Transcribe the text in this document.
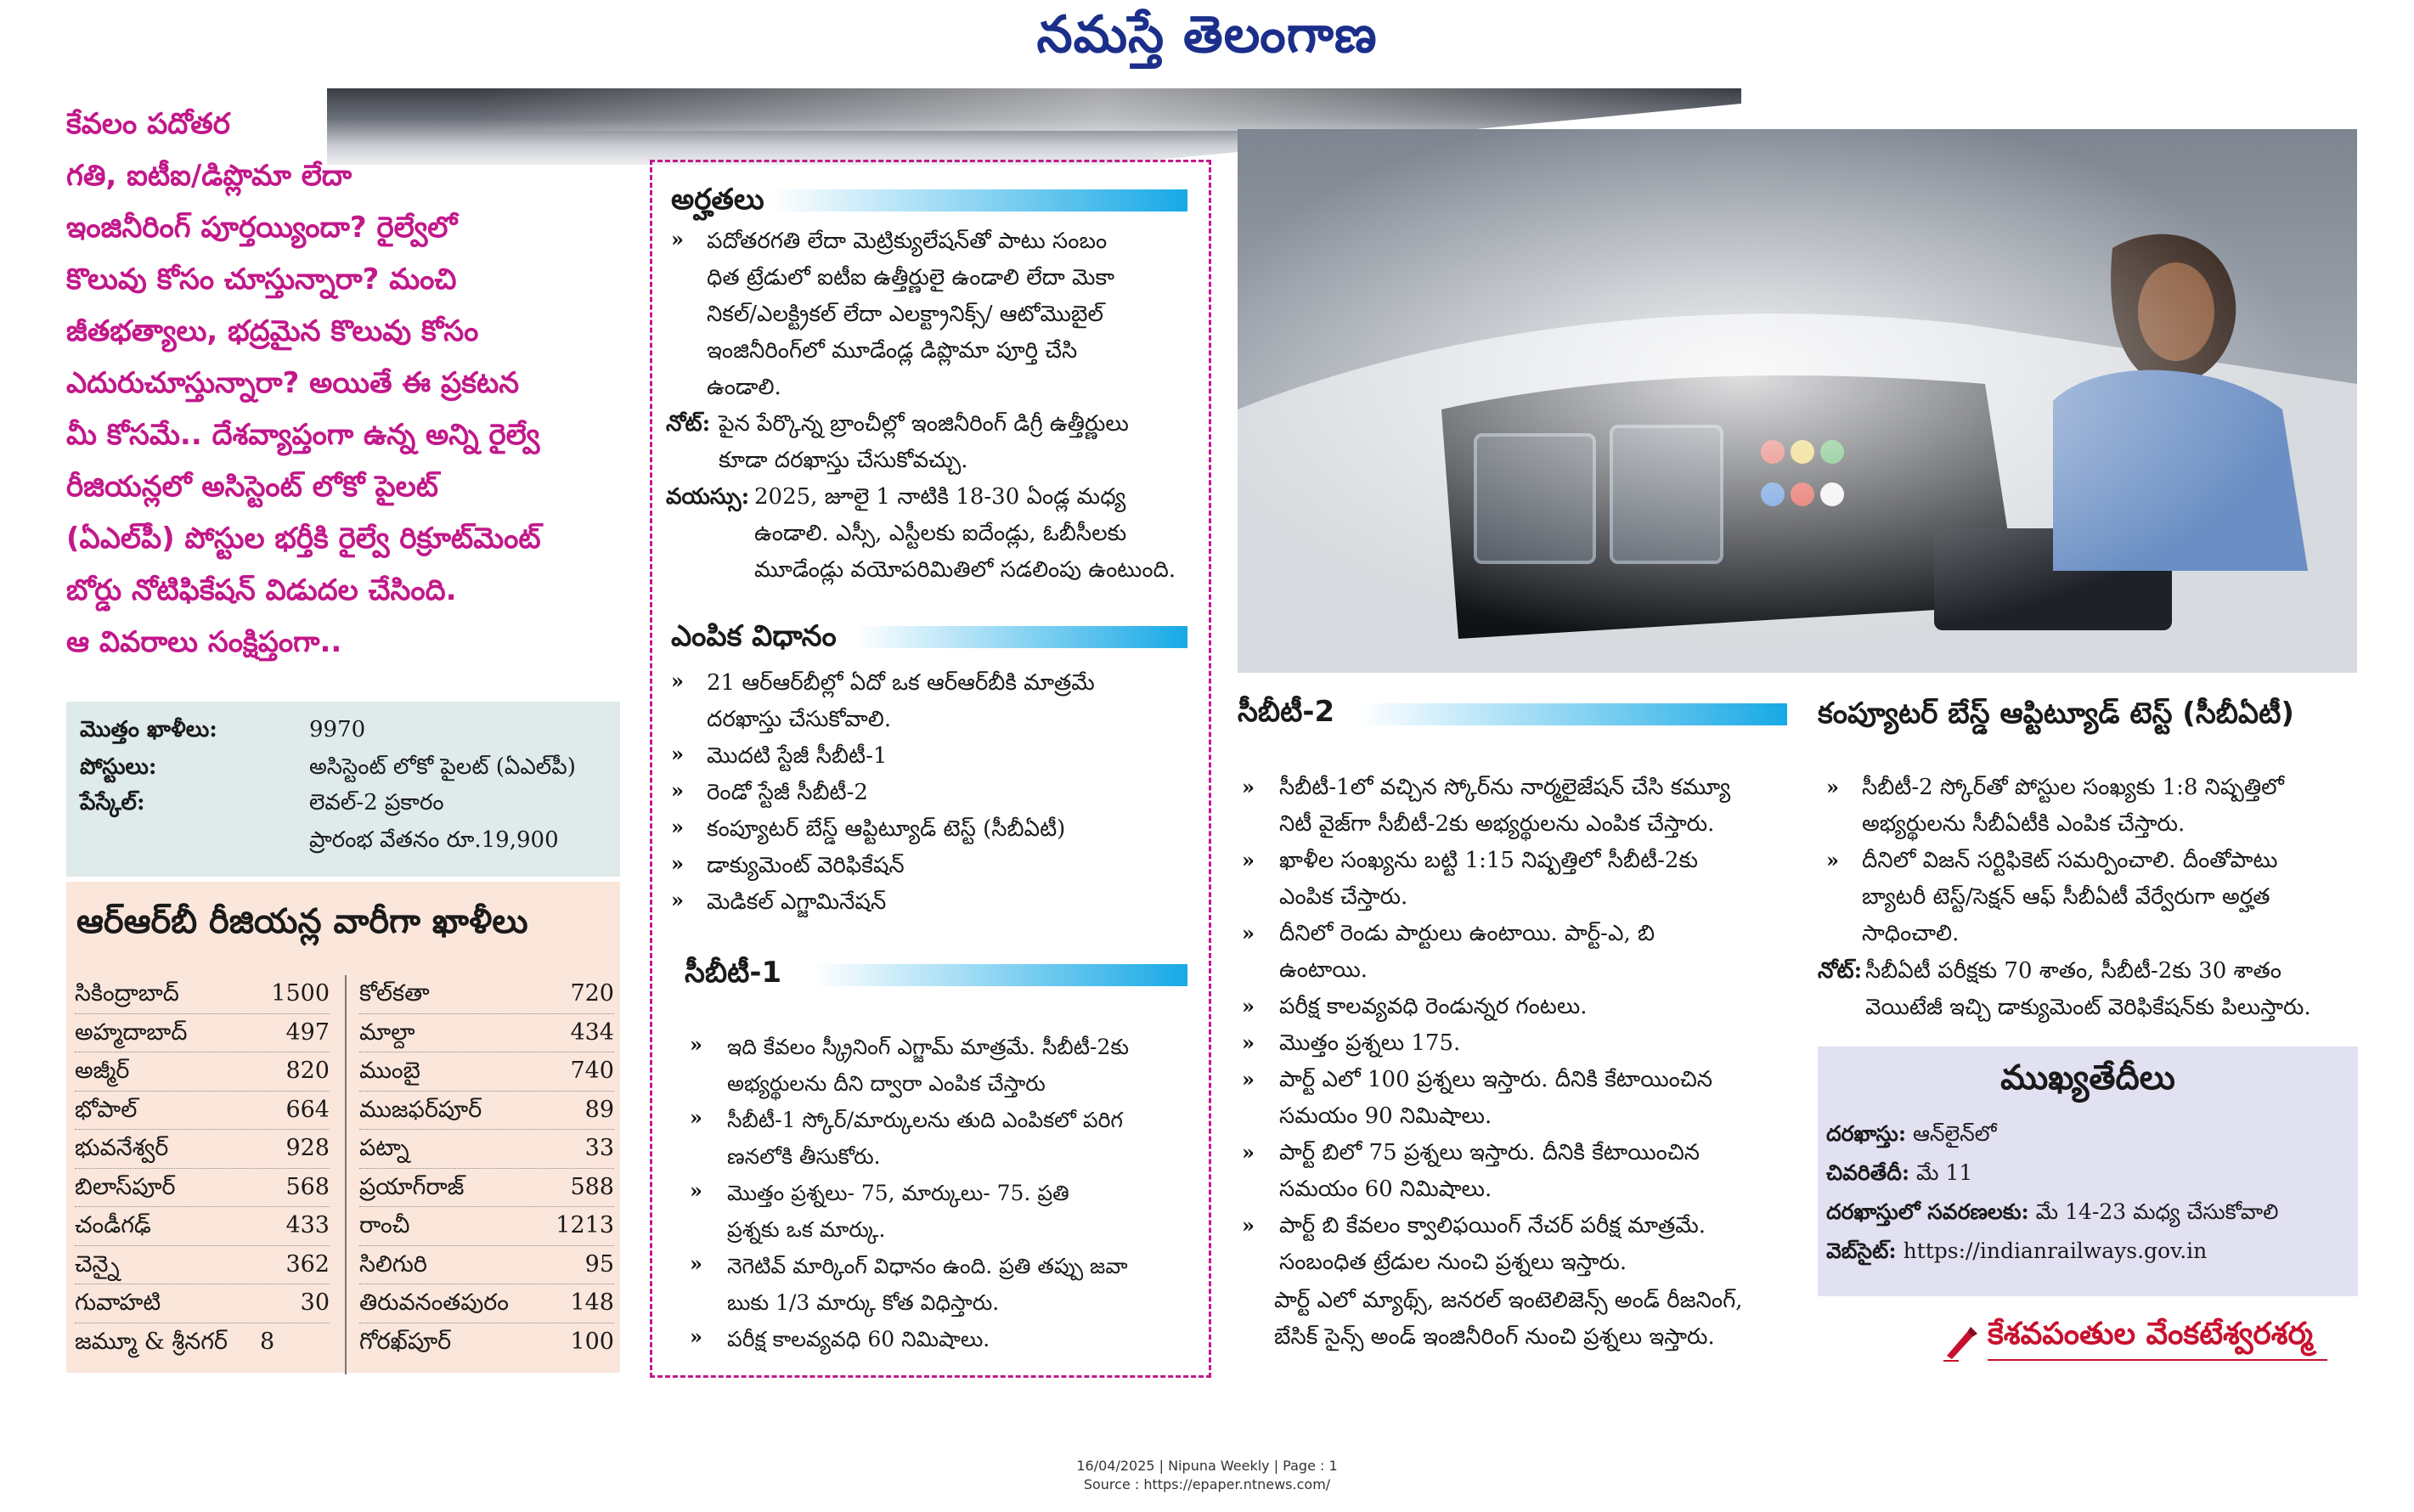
నమస్తే తెలంగాణ
కేవలం పదోతర
గతి, ఐటీఐ/డిప్లొమా లేదా
ఇంజినీరింగ్ పూర్తయ్యిందా? రైల్వేలో
కొలువు కోసం చూస్తున్నారా? మంచి
జీతభత్యాలు, భద్రమైన కొలువు కోసం
ఎదురుచూస్తున్నారా? అయితే ఈ ప్రకటన
మీ కోసమే.. దేశవ్యాప్తంగా ఉన్న అన్ని రైల్వే
రీజియన్లలో అసిస్టెంట్ లోకో పైలట్
(ఏఎల్‌పీ) పోస్టుల భర్తీకి రైల్వే రిక్రూట్‌మెంట్
బోర్డు నోటిఫికేషన్ విడుదల చేసింది.
ఆ వివరాలు సంక్షిప్తంగా..
మొత్తం ఖాళీలు:	9970
పోస్టులు:	అసిస్టెంట్ లోకో పైలట్ (ఏఎల్‌పీ)
పేస్కేల్:	లెవల్-2 ప్రకారం
ప్రారంభ వేతనం రూ.19,900
ఆర్ఆర్‌బీ రీజియన్ల వారీగా ఖాళీలు
సికింద్రాబాద్	1500
అహ్మదాబాద్	497
అజ్మీర్	820
భోపాల్	664
భువనేశ్వర్	928
బిలాస్‌పూర్	568
చండీగఢ్	433
చెన్నై	362
గువాహటి	30
జమ్మూ & శ్రీనగర్ 8
కోల్‌కతా	720
మాల్దా	434
ముంబై	740
ముజఫర్‌పూర్	89
పట్నా	33
ప్రయాగ్‌రాజ్	588
రాంచీ	1213
సిలిగురి	95
తిరువనంతపురం	148
గోరఖ్‌పూర్	100
అర్హతలు
» పదోతరగతి లేదా మెట్రిక్యులేషన్‌తో పాటు సంబం
ధిత ట్రేడులో ఐటీఐ ఉత్తీర్ణులై ఉండాలి లేదా మెకా
నికల్/ఎలక్ట్రికల్ లేదా ఎలక్ట్రానిక్స్/ ఆటోమొబైల్
ఇంజినీరింగ్‌లో మూడేండ్ల డిప్లొమా పూర్తి చేసి
ఉండాలి.
నోట్: పైన పేర్కొన్న బ్రాంచీల్లో ఇంజినీరింగ్ డిగ్రీ ఉత్తీర్ణులు
కూడా దరఖాస్తు చేసుకోవచ్చు.
వయస్సు: 2025, జూలై 1 నాటికి 18-30 ఏండ్ల మధ్య
ఉండాలి. ఎస్సీ, ఎస్టీలకు ఐదేండ్లు, ఓబీసీలకు
మూడేండ్లు వయోపరిమితిలో సడలింపు ఉంటుంది.
ఎంపిక విధానం
» 21 ఆర్ఆర్‌బీల్లో ఏదో ఒక ఆర్ఆర్‌బీకి మాత్రమే
దరఖాస్తు చేసుకోవాలి.
» మొదటి స్టేజీ సీబీటీ-1
» రెండో స్టేజీ సీబీటీ-2
» కంప్యూటర్ బేస్డ్ ఆప్టిట్యూడ్ టెస్ట్ (సీబీఏటీ)
» డాక్యుమెంట్ వెరిఫికేషన్
» మెడికల్ ఎగ్జామినేషన్
సీబీటీ-1
» ఇది కేవలం స్క్రీనింగ్ ఎగ్జామ్ మాత్రమే. సీబీటీ-2కు
అభ్యర్థులను దీని ద్వారా ఎంపిక చేస్తారు
» సీబీటీ-1 స్కోర్/మార్కులను తుది ఎంపికలో పరిగ
ణనలోకి తీసుకోరు.
» మొత్తం ప్రశ్నలు- 75, మార్కులు- 75. ప్రతి
ప్రశ్నకు ఒక మార్కు.
» నెగెటివ్ మార్కింగ్ విధానం ఉంది. ప్రతి తప్పు జవా
బుకు 1/3 మార్కు కోత విధిస్తారు.
» పరీక్ష కాలవ్యవధి 60 నిమిషాలు.
సీబీటీ-2
» సీబీటీ-1లో వచ్చిన స్కోర్‌ను నార్మలైజేషన్ చేసి కమ్యూ
నిటీ వైజ్‌గా సీబీటీ-2కు అభ్యర్థులను ఎంపిక చేస్తారు.
» ఖాళీల సంఖ్యను బట్టి 1:15 నిష్పత్తిలో సీబీటీ-2కు
ఎంపిక చేస్తారు.
» దీనిలో రెండు పార్టులు ఉంటాయి. పార్ట్-ఎ, బి
ఉంటాయి.
» పరీక్ష కాలవ్యవధి రెండున్నర గంటలు.
» మొత్తం ప్రశ్నలు 175.
» పార్ట్ ఎలో 100 ప్రశ్నలు ఇస్తారు. దీనికి కేటాయించిన
సమయం 90 నిమిషాలు.
» పార్ట్ బిలో 75 ప్రశ్నలు ఇస్తారు. దీనికి కేటాయించిన
సమయం 60 నిమిషాలు.
» పార్ట్ బి కేవలం క్వాలిఫయింగ్ నేచర్ పరీక్ష మాత్రమే.
సంబంధిత ట్రేడుల నుంచి ప్రశ్నలు ఇస్తారు.
పార్ట్ ఎలో మ్యాథ్స్, జనరల్ ఇంటెలిజెన్స్ అండ్ రీజనింగ్,
బేసిక్ సైన్స్ అండ్ ఇంజినీరింగ్ నుంచి ప్రశ్నలు ఇస్తారు.
కంప్యూటర్ బేస్డ్ ఆప్టిట్యూడ్ టెస్ట్ (సీబీఏటీ)
» సీబీటీ-2 స్కోర్‌తో పోస్టుల సంఖ్యకు 1:8 నిష్పత్తిలో
అభ్యర్థులను సీబీఏటీకి ఎంపిక చేస్తారు.
» దీనిలో విజన్ సర్టిఫికెట్ సమర్పించాలి. దీంతోపాటు
బ్యాటరీ టెస్ట్/సెక్షన్ ఆఫ్ సీబీఏటీ వేర్వేరుగా అర్హత
సాధించాలి.
నోట్: సీబీఏటీ పరీక్షకు 70 శాతం, సీబీటీ-2కు 30 శాతం
వెయిటేజీ ఇచ్చి డాక్యుమెంట్ వెరిఫికేషన్‌కు పిలుస్తారు.
ముఖ్యతేదీలు
దరఖాస్తు: ఆన్‌లైన్‌లో
చివరితేదీ: మే 11
దరఖాస్తులో సవరణలకు: మే 14-23 మధ్య చేసుకోవాలి
వెబ్‌సైట్: https://indianrailways.gov.in
కేశవపంతుల వేంకటేశ్వరశర్మ
16/04/2025 | Nipuna Weekly | Page : 1
Source : https://epaper.ntnews.com/
